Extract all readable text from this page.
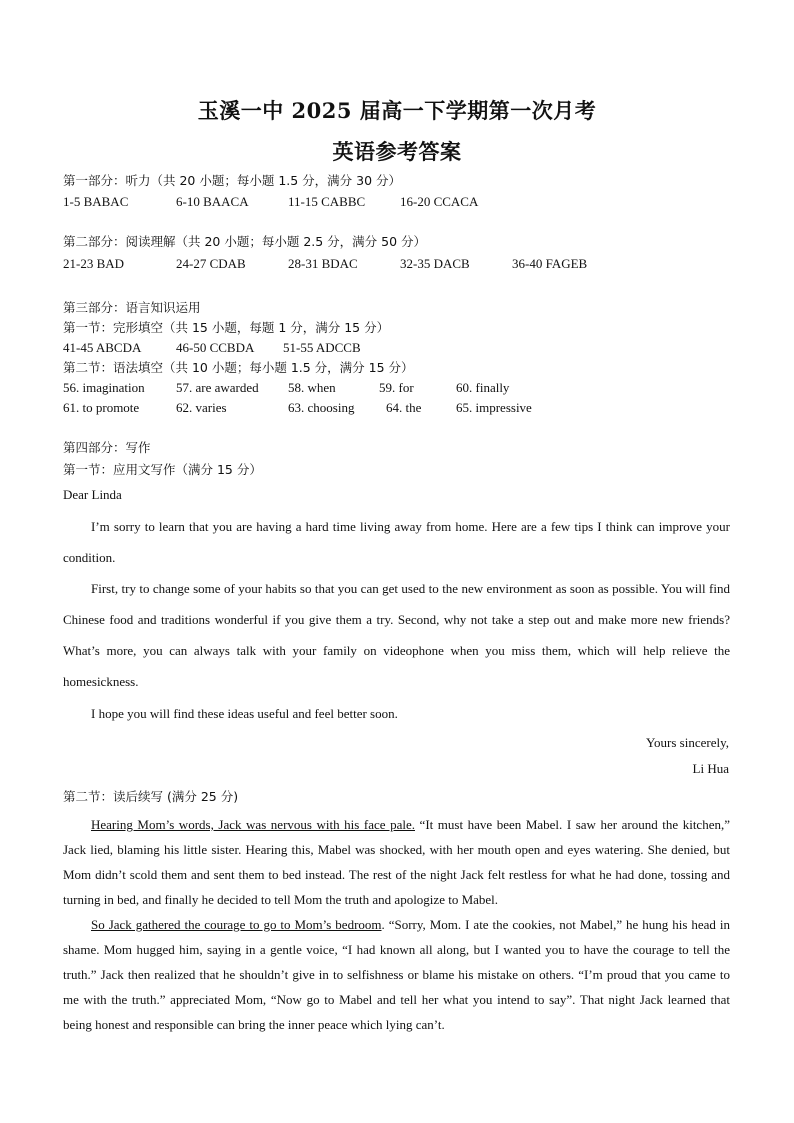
玉溪一中 2025 届高一下学期第一次月考
英语参考答案
第一部分：听力（共 20 小题；每小题 1.5 分，满分 30 分）
1-5 BABAC	6-10 BAACA	11-15 CABBC	16-20 CCACA
第二部分：阅读理解（共 20 小题；每小题 2.5 分，满分 50 分）
21-23 BAD	24-27 CDAB	28-31 BDAC	32-35 DACB	36-40 FAGEB
第三部分：语言知识运用
第一节：完形填空（共 15 小题，每题 1 分，满分 15 分）
41-45 ABCDA	46-50 CCBDA 51-55 ADCCB
第二节：语法填空（共 10 小题；每小题 1.5 分，满分 15 分）
56. imagination 57. are awarded 58. when	59. for	60. finally
61. to promote	62. varies	63. choosing 64. the	65. impressive
第四部分：写作
第一节：应用文写作（满分 15 分）
Dear Linda

I’m sorry to learn that you are having a hard time living away from home. Here are a few tips I think can improve your condition.

First, try to change some of your habits so that you can get used to the new environment as soon as possible. You will find Chinese food and traditions wonderful if you give them a try. Second, why not take a step out and make more new friends? What’s more, you can always talk with your family on videophone when you miss them, which will help relieve the homesickness.

I hope you will find these ideas useful and feel better soon.

Yours sincerely,
Li Hua
第二节：读后续写 (满分 25 分)

Hearing Mom’s words, Jack was nervous with his face pale. “It must have been Mabel. I saw her around the kitchen,” Jack lied, blaming his little sister. Hearing this, Mabel was shocked, with her mouth open and eyes watering. She denied, but Mom didn’t scold them and sent them to bed instead. The rest of the night Jack felt restless for what he had done, tossing and turning in bed, and finally he decided to tell Mom the truth and apologize to Mabel.

So Jack gathered the courage to go to Mom’s bedroom. “Sorry, Mom. I ate the cookies, not Mabel,” he hung his head in shame. Mom hugged him, saying in a gentle voice, “I had known all along, but I wanted you to have the courage to tell the truth.” Jack then realized that he shouldn’t give in to selfishness or blame his mistake on others. “I’m proud that you came to me with the truth.” appreciated Mom, “Now go to Mabel and tell her what you intend to say”. That night Jack learned that being honest and responsible can bring the inner peace which lying can’t.
